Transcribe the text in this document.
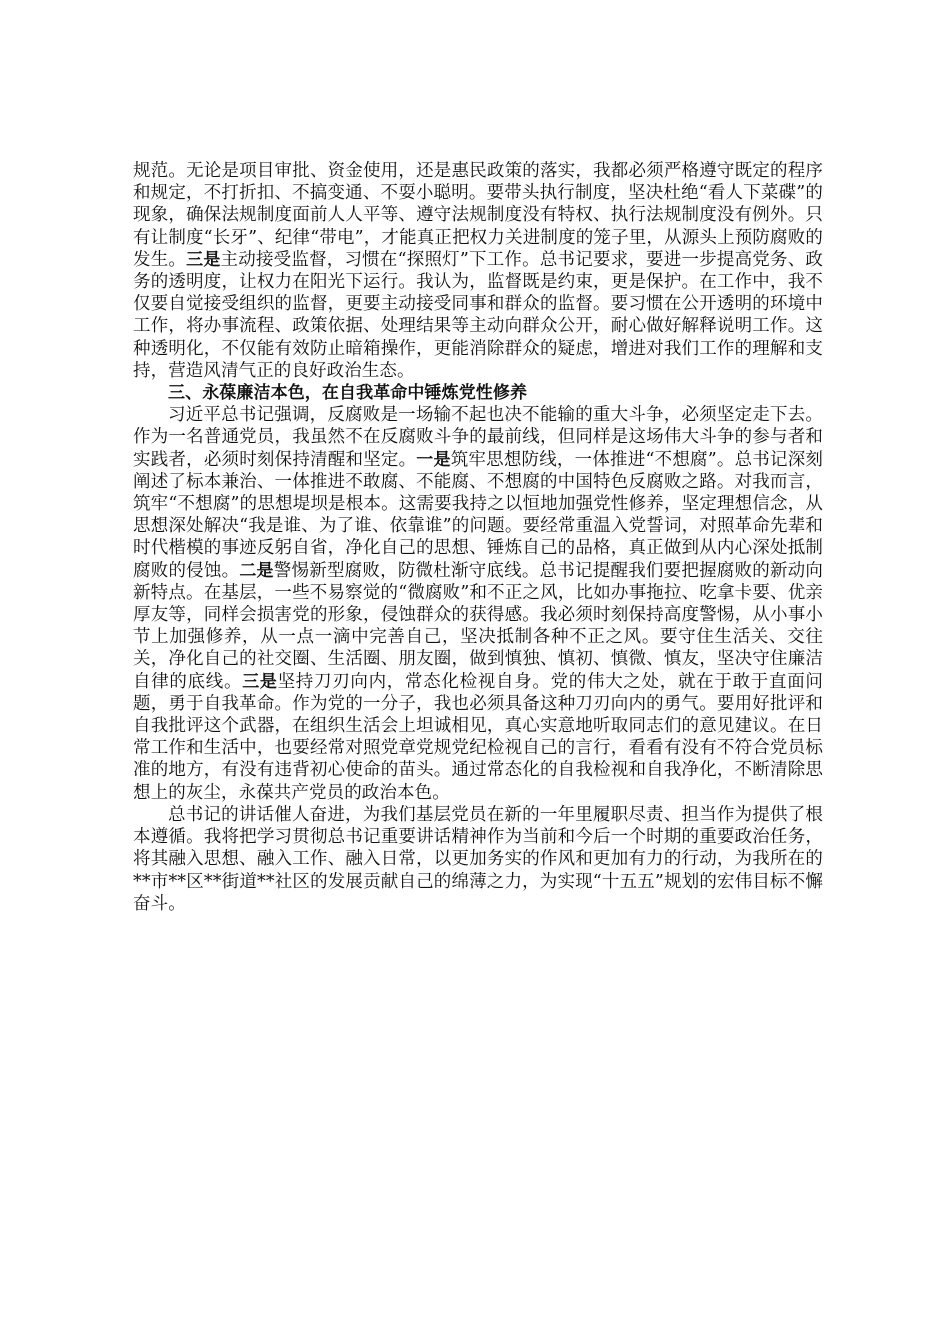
规范。无论是项目审批、资金使用，还是惠民政策的落实，我都必须严格遵守既定的程序和规定，不打折扣、不搞变通、不耍小聪明。要带头执行制度，坚决杜绝“看人下菜碟”的现象，确保法规制度面前人人平等、遵守法规制度没有特权、执行法规制度没有例外。只有让制度“长牙”、纪律“带电”，才能真正把权力关进制度的笼子里，从源头上预防腐败的发生。三是主动接受监督，习惯在“探照灯”下工作。总书记要求，要进一步提高党务、政务的透明度，让权力在阳光下运行。我认为，监督既是约束，更是保护。在工作中，我不仅要自觉接受组织的监督，更要主动接受同事和群众的监督。要习惯在公开透明的环境中工作，将办事流程、政策依据、处理结果等主动向群众公开，耐心做好解释说明工作。这种透明化，不仅能有效防止暗箱操作，更能消除群众的疑虑，增进对我们工作的理解和支持，营造风清气正的良好政治生态。

三、永葆廉洁本色，在自我革命中锤炼党性修养

习近平总书记强调，反腐败是一场输不起也决不能输的重大斗争，必须坚定走下去。作为一名普通党员，我虽然不在反腐败斗争的最前线，但同样是这场伟大斗争的参与者和实践者，必须时刻保持清醒和坚定。一是筑牢思想防线，一体推进“不想腐”。总书记深刻阐述了标本兼治、一体推进不敢腐、不能腐、不想腐的中国特色反腐败之路。对我而言，筑牢“不想腐”的思想堤坝是根本。这需要我持之以恒地加强党性修养，坚定理想信念，从思想深处解决“我是谁、为了谁、依靠谁”的问题。要经常重温入党誓词，对照革命先辈和时代楷模的事迹反躬自省，净化自己的思想、锤炼自己的品格，真正做到从内心深处抵制腐败的侵蚀。二是警惕新型腐败，防微杜渐守底线。总书记提醒我们要把握腐败的新动向新特点。在基层，一些不易察觉的“微腐败”和不正之风，比如办事拖拉、吃拿卡要、优亲厚友等，同样会损害党的形象，侵蚀群众的获得感。我必须时刻保持高度警惕，从小事小节上加强修养，从一点一滴中完善自己，坚决抵制各种不正之风。要守住生活关、交往关，净化自己的社交圈、生活圈、朋友圈，做到慎独、慎初、慎微、慎友，坚决守住廉洁自律的底线。三是坚持刀刃向内，常态化检视自身。党的伟大之处，就在于敢于直面问题，勇于自我革命。作为党的一分子，我也必须具备这种刀刃向内的勇气。要用好批评和自我批评这个武器，在组织生活会上坦诚相见，真心实意地听取同志们的意见建议。在日常工作和生活中，也要经常对照党章党规党纪检视自己的言行，看看有没有不符合党员标准的地方，有没有违背初心使命的苗头。通过常态化的自我检视和自我净化，不断清除思想上的灰尘，永葆共产党员的政治本色。

总书记的讲话催人奋进，为我们基层党员在新的一年里履职尽责、担当作为提供了根本遵循。我将把学习贯彻总书记重要讲话精神作为当前和今后一个时期的重要政治任务，将其融入思想、融入工作、融入日常，以更加务实的作风和更加有力的行动，为我所在的**市**区**街道**社区的发展贡献自己的绵薄之力，为实现“十五五”规划的宏伟目标不懈奋斗。
